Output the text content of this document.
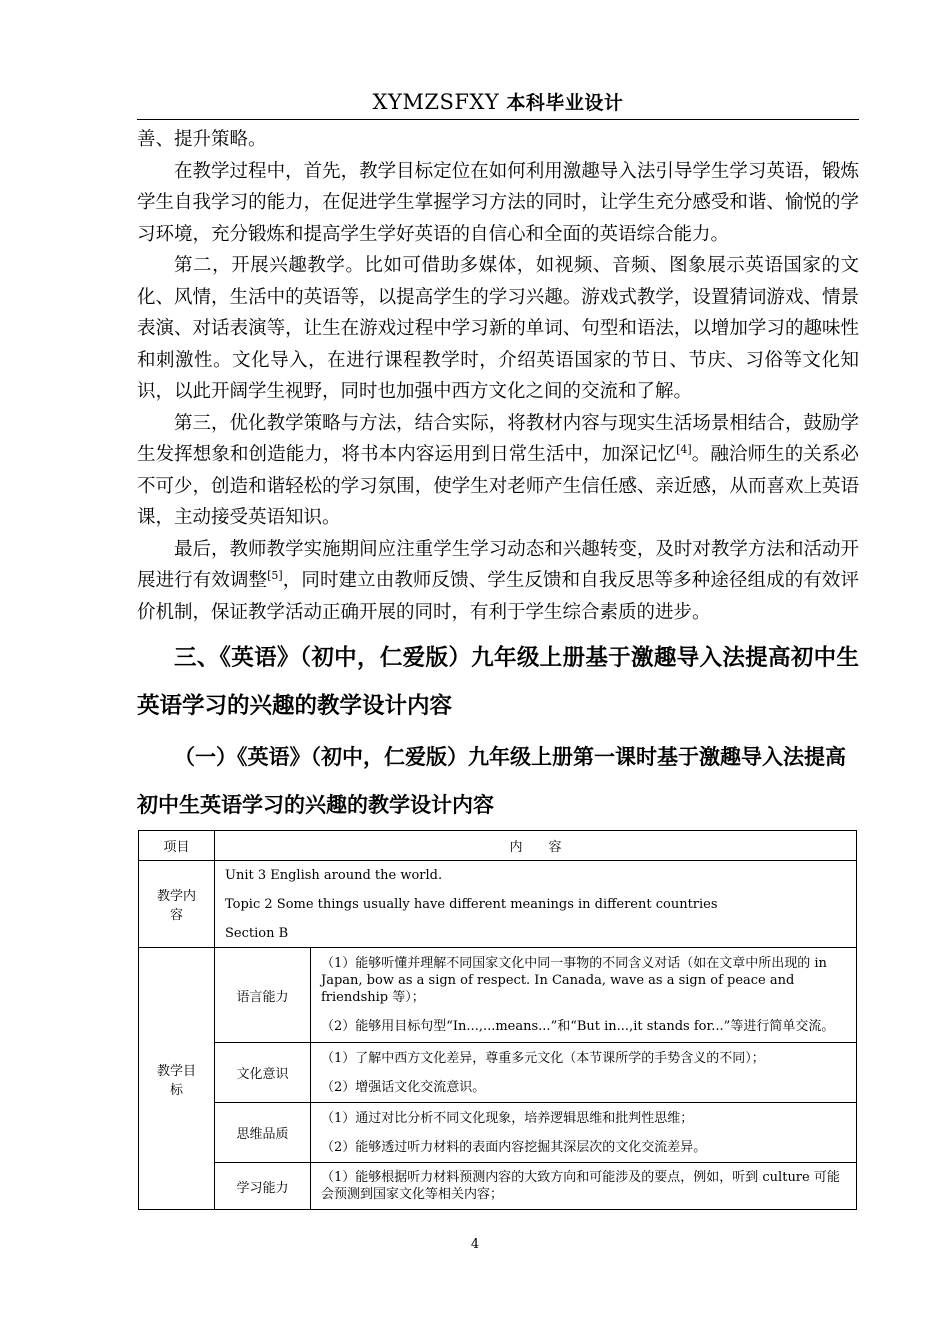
XYMZSFXY 本科毕业设计

善、提升策略。

在教学过程中，首先，教学目标定位在如何利用激趣导入法引导学生学习英语，锻炼学生自我学习的能力，在促进学生掌握学习方法的同时，让学生充分感受和谐、愉悦的学习环境，充分锻炼和提高学生学好英语的自信心和全面的英语综合能力。

第二，开展兴趣教学。比如可借助多媒体，如视频、音频、图象展示英语国家的文化、风情，生活中的英语等，以提高学生的学习兴趣。游戏式教学，设置猜词游戏、情景表演、对话表演等，让生在游戏过程中学习新的单词、句型和语法，以增加学习的趣味性和刺激性。文化导入，在进行课程教学时，介绍英语国家的节日、节庆、习俗等文化知识，以此开阔学生视野，同时也加强中西方文化之间的交流和了解。

第三，优化教学策略与方法，结合实际，将教材内容与现实生活场景相结合，鼓励学生发挥想象和创造能力，将书本内容运用到日常生活中，加深记忆[4]。融洽师生的关系必不可少，创造和谐轻松的学习氛围，使学生对老师产生信任感、亲近感，从而喜欢上英语课，主动接受英语知识。

最后，教师教学实施期间应注重学生学习动态和兴趣转变，及时对教学方法和活动开展进行有效调整[5]，同时建立由教师反馈、学生反馈和自我反思等多种途径组成的有效评价机制，保证教学活动正确开展的同时，有利于学生综合素质的进步。

三、《英语》（初中，仁爱版）九年级上册基于激趣导入法提高初中生英语学习的兴趣的教学设计内容
（一）《英语》（初中，仁爱版）九年级上册第一课时基于激趣导入法提高初中生英语学习的兴趣的教学设计内容
项目	内　　容	
教学内容	Unit 3 English around the world.
Topic 2 Some things usually have different meanings in different countries
Section B	

教学目标	语言能力	（1）能够听懂并理解不同国家文化中同一事物的不同含义对话（如在文章中所出现的 in Japan, bow as a sign of respect. In Canada, wave as a sign of peace and friendship 等）；
（2）能够用目标句型“In...,...means...”和“But in...,it stands for...”等进行简单交流。

	文化意识	（1）了解中西方文化差异，尊重多元文化（本节课所学的手势含义的不同）；
（2）增强话文化交流意识。

	思维品质	（1）通过对比分析不同文化现象，培养逻辑思维和批判性思维；
（2）能够透过听力材料的表面内容挖掘其深层次的文化交流差异。

	学习能力	（1）能够根据听力材料预测内容的大致方向和可能涉及的要点，例如，听到 culture 可能会预测到国家文化等相关内容；
4
